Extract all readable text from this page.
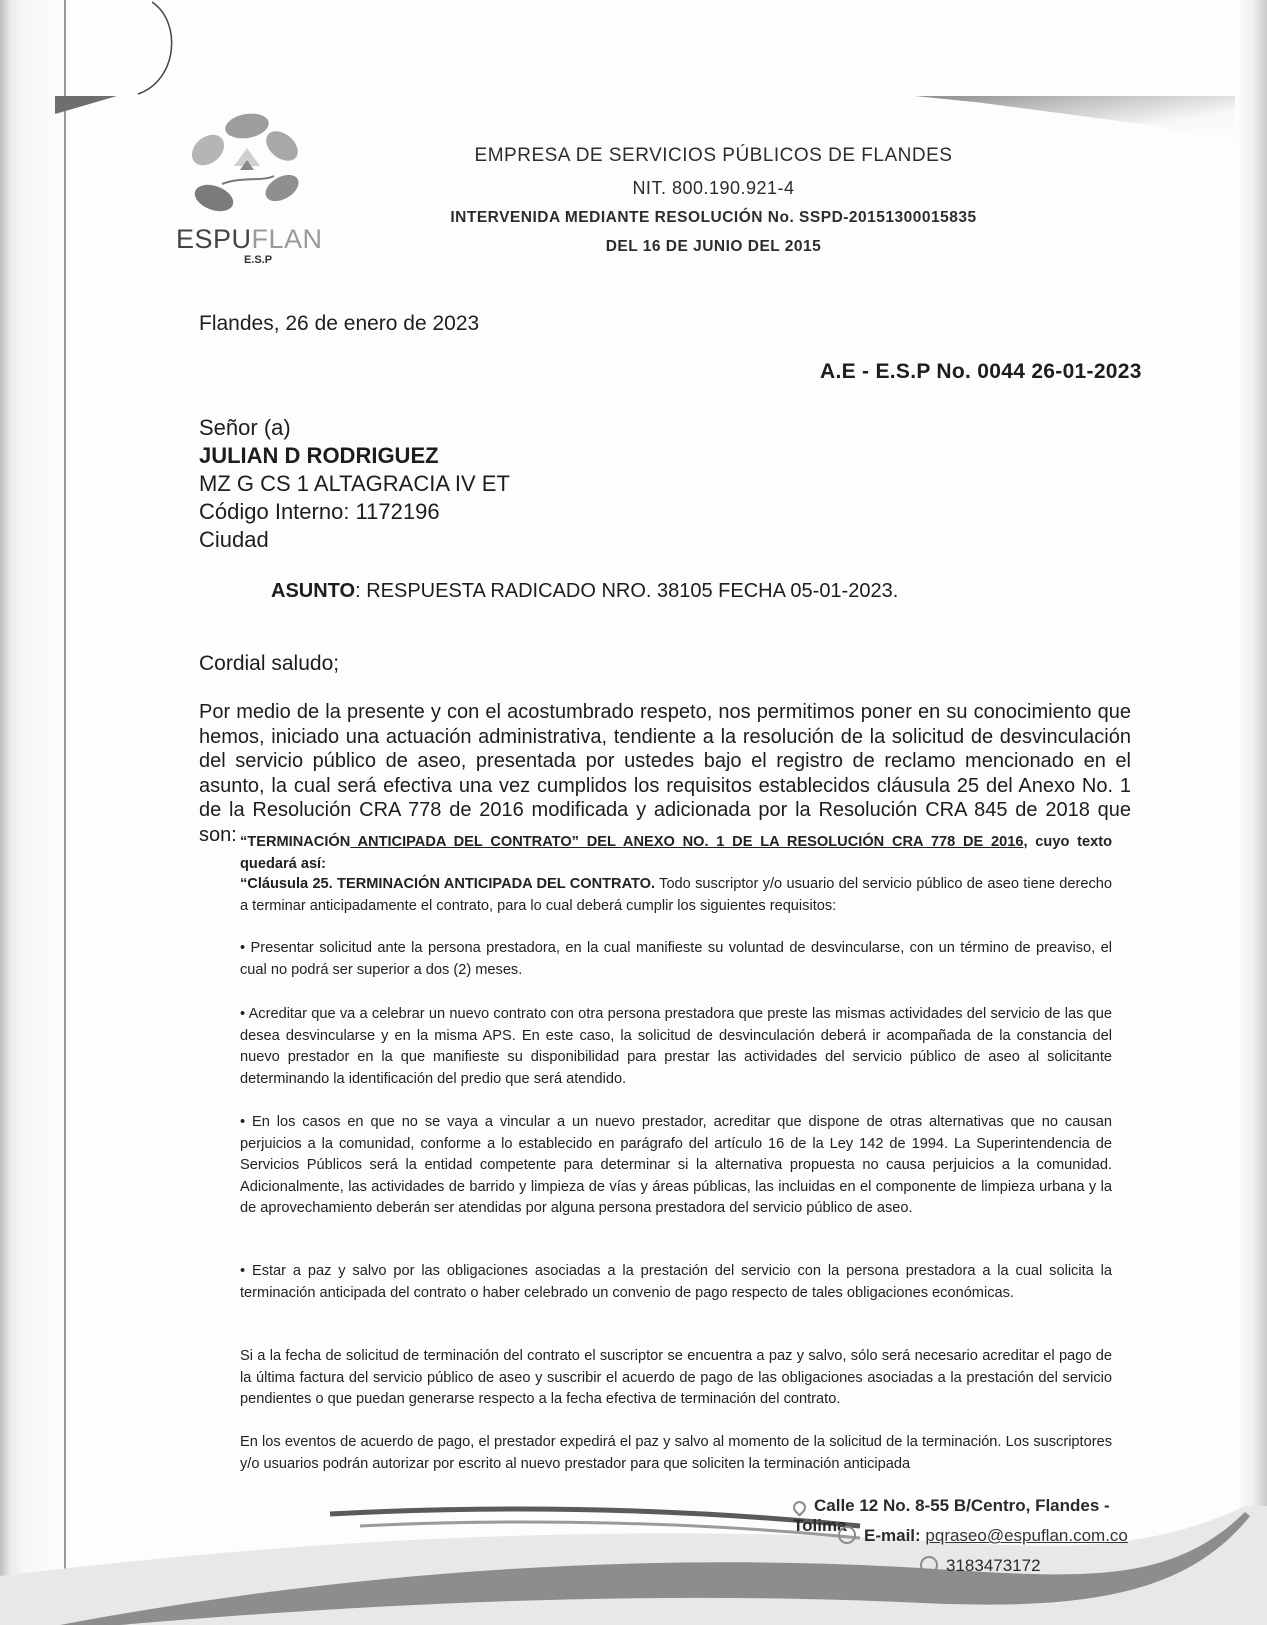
ESPUFLAN
E.S.P
EMPRESA DE SERVICIOS PÚBLICOS DE FLANDES
NIT. 800.190.921-4
INTERVENIDA MEDIANTE RESOLUCIÓN No. SSPD-20151300015835
DEL 16 DE JUNIO DEL 2015
Flandes, 26 de enero de 2023
A.E - E.S.P No. 0044 26-01-2023
Señor (a)
JULIAN D RODRIGUEZ
MZ G CS 1 ALTAGRACIA IV ET
Código Interno: 1172196
Ciudad
ASUNTO: RESPUESTA RADICADO NRO. 38105 FECHA 05-01-2023.
Cordial saludo;
Por medio de la presente y con el acostumbrado respeto, nos permitimos poner en su conocimiento que hemos, iniciado una actuación administrativa, tendiente a la resolución de la solicitud de desvinculación del servicio público de aseo, presentada por ustedes bajo el registro de reclamo mencionado en el asunto, la cual será efectiva una vez cumplidos los requisitos establecidos cláusula 25 del Anexo No. 1 de la Resolución CRA 778 de 2016 modificada y adicionada por la Resolución CRA 845 de 2018 que son: “TERMINACIÓN ANTICIPADA DEL CONTRATO” DEL ANEXO NO. 1 DE LA RESOLUCIÓN CRA 778 DE 2016, cuyo texto quedará así:
“Cláusula 25. TERMINACIÓN ANTICIPADA DEL CONTRATO. Todo suscriptor y/o usuario del servicio público de aseo tiene derecho a terminar anticipadamente el contrato, para lo cual deberá cumplir los siguientes requisitos:
• Presentar solicitud ante la persona prestadora, en la cual manifieste su voluntad de desvincularse, con un término de preaviso, el cual no podrá ser superior a dos (2) meses.
• Acreditar que va a celebrar un nuevo contrato con otra persona prestadora que preste las mismas actividades del servicio de las que desea desvincularse y en la misma APS. En este caso, la solicitud de desvinculación deberá ir acompañada de la constancia del nuevo prestador en la que manifieste su disponibilidad para prestar las actividades del servicio público de aseo al solicitante determinando la identificación del predio que será atendido.
• En los casos en que no se vaya a vincular a un nuevo prestador, acreditar que dispone de otras alternativas que no causan perjuicios a la comunidad, conforme a lo establecido en parágrafo del artículo 16 de la Ley 142 de 1994. La Superintendencia de Servicios Públicos será la entidad competente para determinar si la alternativa propuesta no causa perjuicios a la comunidad. Adicionalmente, las actividades de barrido y limpieza de vías y áreas públicas, las incluidas en el componente de limpieza urbana y la de aprovechamiento deberán ser atendidas por alguna persona prestadora del servicio público de aseo.
• Estar a paz y salvo por las obligaciones asociadas a la prestación del servicio con la persona prestadora a la cual solicita la terminación anticipada del contrato o haber celebrado un convenio de pago respecto de tales obligaciones económicas.
Si a la fecha de solicitud de terminación del contrato el suscriptor se encuentra a paz y salvo, sólo será necesario acreditar el pago de la última factura del servicio público de aseo y suscribir el acuerdo de pago de las obligaciones asociadas a la prestación del servicio pendientes o que puedan generarse respecto a la fecha efectiva de terminación del contrato.
En los eventos de acuerdo de pago, el prestador expedirá el paz y salvo al momento de la solicitud de la terminación. Los suscriptores y/o usuarios podrán autorizar por escrito al nuevo prestador para que soliciten la terminación anticipada
Calle 12 No. 8-55 B/Centro, Flandes - Tolima
E-mail: pqraseo@espuflan.com.co
3183473172
